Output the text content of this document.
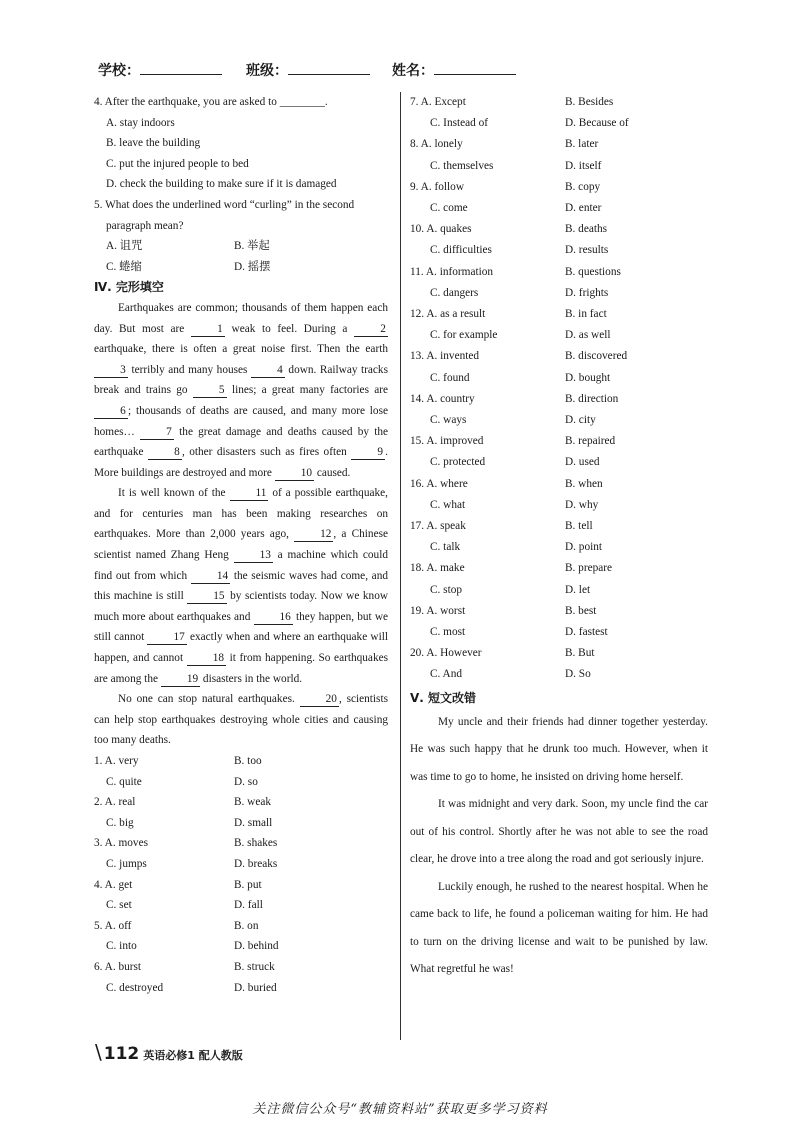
学校：	班级：	姓名：
4. After the earthquake, you are asked to ________.
A. stay indoors
B. leave the building
C. put the injured people to bed
D. check the building to make sure if it is damaged
5. What does the underlined word “curling” in the second
paragraph mean?
A. 诅咒	B. 举起
C. 蜷缩	D. 摇摆
Ⅳ. 完形填空

Earthquakes are common; thousands of them happen each day. But most are 1 weak to feel. During a 2 earthquake, there is often a great noise first. Then the earth 3 terribly and many houses 4 down. Railway tracks break and trains go 5 lines; a great many factories are 6 ; thousands of deaths are caused, and many more lose homes… 7 the great damage and deaths caused by the earthquake 8 , other disasters such as fires often 9 . More buildings are destroyed and more 10 caused.

It is well known of the 11 of a possible earthquake, and for centuries man has been making researches on earthquakes. More than 2,000 years ago, 12 , a Chinese scientist named Zhang Heng 13 a machine which could find out from which 14 the seismic waves had come, and this machine is still 15 by scientists today. Now we know much more about earthquakes and 16 they happen, but we still cannot 17 exactly when and where an earthquake will happen, and cannot 18 it from happening. So earthquakes are among the 19 disasters in the world.

No one can stop natural earthquakes. 20 , scientists can help stop earthquakes destroying whole cities and causing too many deaths.

1. A. very	B. too
C. quite	D. so
2. A. real	B. weak
C. big	D. small
3. A. moves	B. shakes
C. jumps	D. breaks
4. A. get	B. put
C. set	D. fall
5. A. off	B. on
C. into	D. behind
6. A. burst	B. struck
C. destroyed	D. buried
7. A. Except	B. Besides
C. Instead of	D. Because of
8. A. lonely	B. later
C. themselves	D. itself
9. A. follow	B. copy
C. come	D. enter
10. A. quakes	B. deaths
C. difficulties	D. results
11. A. information	B. questions
C. dangers	D. frights
12. A. as a result	B. in fact
C. for example	D. as well
13. A. invented	B. discovered
C. found	D. bought
14. A. country	B. direction
C. ways	D. city
15. A. improved	B. repaired
C. protected	D. used
16. A. where	B. when
C. what	D. why
17. A. speak	B. tell
C. talk	D. point
18. A. make	B. prepare
C. stop	D. let
19. A. worst	B. best
C. most	D. fastest
20. A. However	B. But
C. And	D. So
Ⅴ. 短文改错

My uncle and their friends had dinner together yesterday. He was such happy that he drunk too much. However, when it was time to go to home, he insisted on driving home herself.

It was midnight and very dark. Soon, my uncle find the car out of his control. Shortly after he was not able to see the road clear, he drove into a tree along the road and got seriously injure.

Luckily enough, he rushed to the nearest hospital. When he came back to life, he found a policeman waiting for him. He had to turn on the driving license and wait to be punished by law. What regretful he was!

\ 112 英语必修1 配人教版
关注微信公众号“教辅资料站”获取更多学习资料
